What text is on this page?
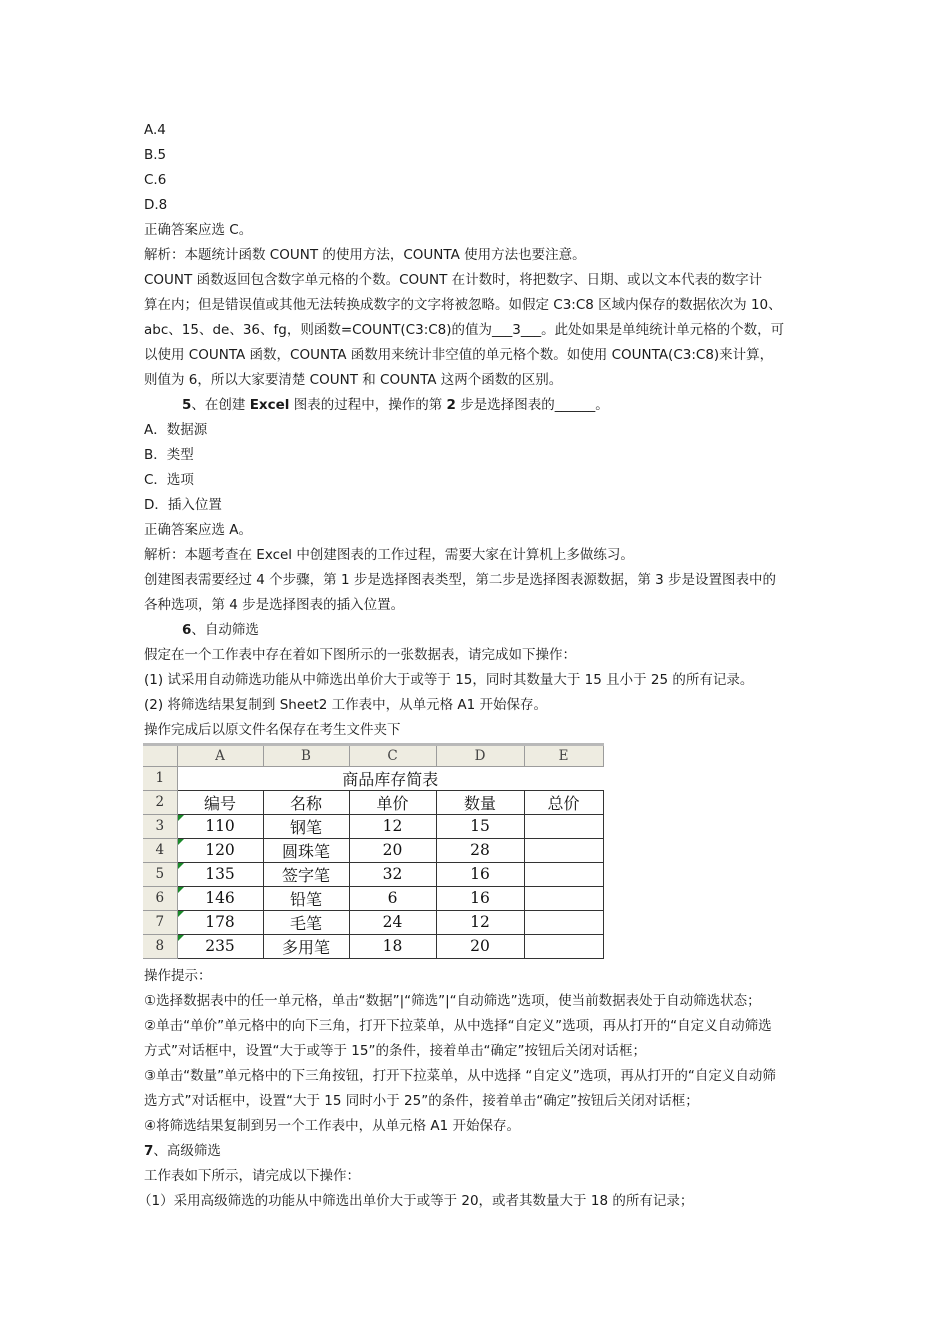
A.4
B.5
C.6
D.8
正确答案应选 C。
解析：本题统计函数 COUNT 的使用方法，COUNTA 使用方法也要注意。
COUNT 函数返回包含数字单元格的个数。COUNT 在计数时，将把数字、日期、或以文本代表的数字计
算在内；但是错误值或其他无法转换成数字的文字将被忽略。如假定 C3:C8 区域内保存的数据依次为 10、
abc、15、de、36、fg，则函数=COUNT(C3:C8)的值为___3___。此处如果是单纯统计单元格的个数，可
以使用 COUNTA 函数，COUNTA 函数用来统计非空值的单元格个数。如使用 COUNTA(C3:C8)来计算，
则值为 6，所以大家要清楚 COUNT 和 COUNTA 这两个函数的区别。
5、在创建 Excel 图表的过程中，操作的第 2 步是选择图表的______。
A．数据源
B．类型
C．选项
D．插入位置
正确答案应选 A。
解析：本题考查在 Excel 中创建图表的工作过程，需要大家在计算机上多做练习。
创建图表需要经过 4 个步骤，第 1 步是选择图表类型，第二步是选择图表源数据，第 3 步是设置图表中的
各种选项，第 4 步是选择图表的插入位置。
6、自动筛选
假定在一个工作表中存在着如下图所示的一张数据表，请完成如下操作：
(1) 试采用自动筛选功能从中筛选出单价大于或等于 15，同时其数量大于 15 且小于 25 的所有记录。
(2) 将筛选结果复制到 Sheet2 工作表中，从单元格 A1 开始保存。
操作完成后以原文件名保存在考生文件夹下
	A	B	C	D	E
1	商品库存简表				
2	编号	名称	单价	数量	总价
3	110	钢笔	12	15	
4	120	圆珠笔	20	28	
5	135	签字笔	32	16	
6	146	铅笔	6	16	
7	178	毛笔	24	12	
8	235	多用笔	18	20	
操作提示：
①选择数据表中的任一单元格，单击“数据”|“筛选”|“自动筛选”选项，使当前数据表处于自动筛选状态；
②单击“单价”单元格中的向下三角，打开下拉菜单，从中选择“自定义”选项，再从打开的“自定义自动筛选
方式”对话框中，设置“大于或等于 15”的条件，接着单击“确定”按钮后关闭对话框；
③单击“数量”单元格中的下三角按钮，打开下拉菜单，从中选择 “自定义”选项，再从打开的“自定义自动筛
选方式”对话框中，设置“大于 15 同时小于 25”的条件，接着单击“确定”按钮后关闭对话框；
④将筛选结果复制到另一个工作表中，从单元格 A1 开始保存。
7、高级筛选
工作表如下所示，请完成以下操作：
（1）采用高级筛选的功能从中筛选出单价大于或等于 20，或者其数量大于 18 的所有记录；
